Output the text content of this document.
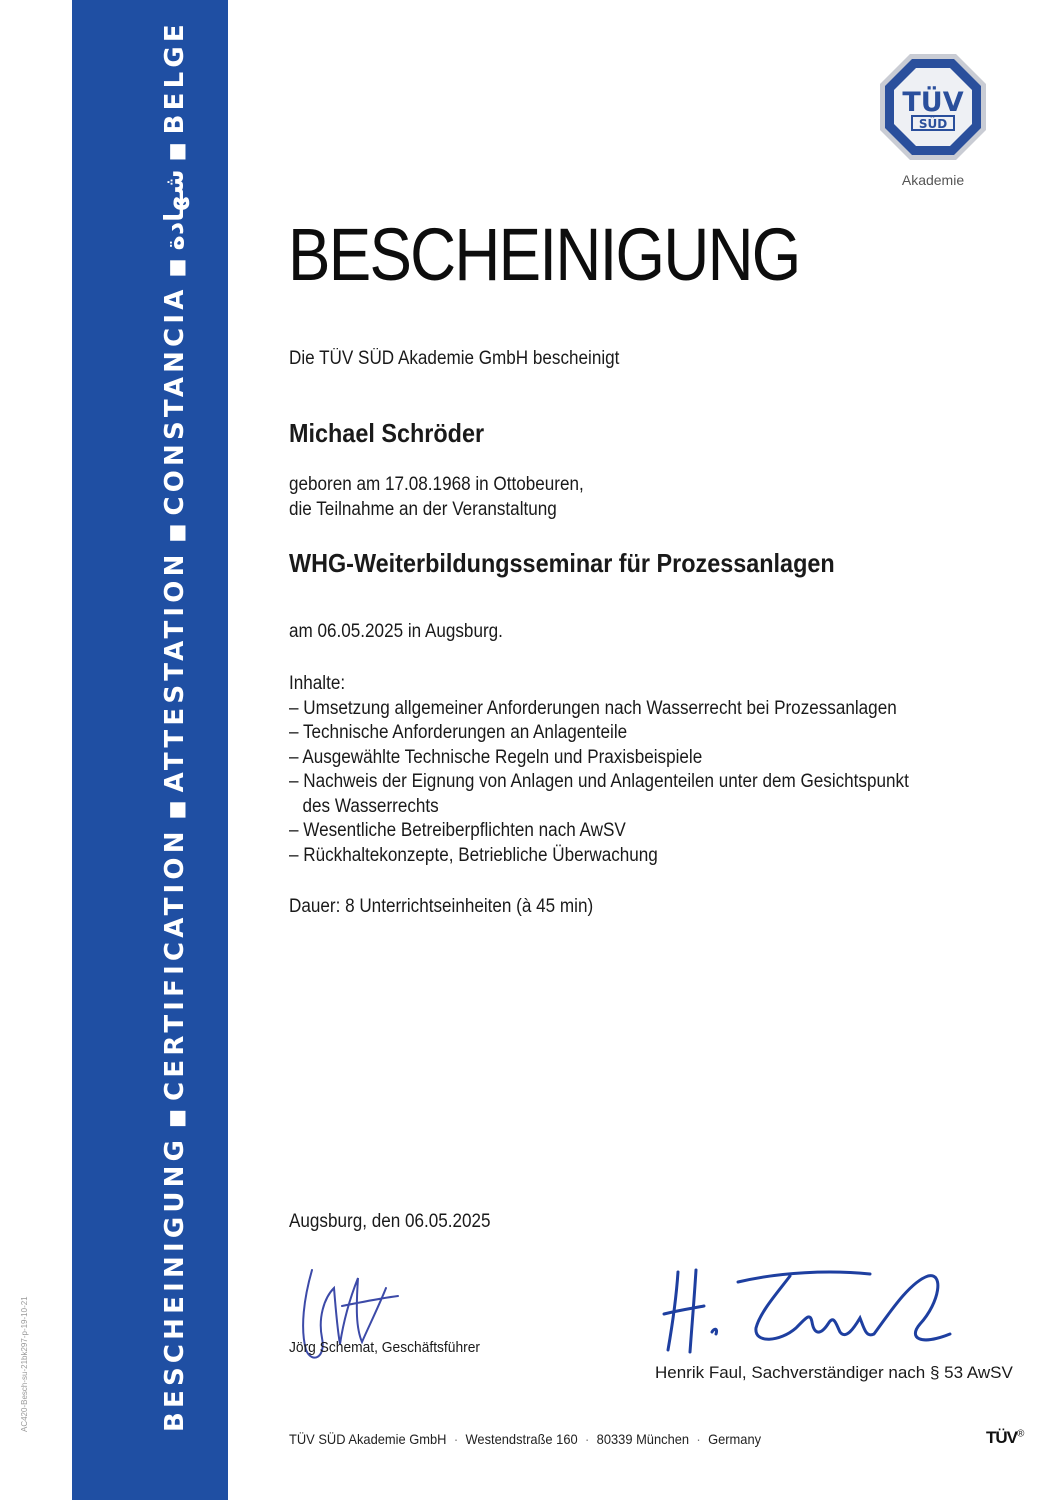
AC420-Besch-su-21bk297-p-19-10-21	BESCHEINIGUNG■CERTIFICATION■ATTESTATION■CONSTANCIA■شهادة■BELGE	TÜV
SÜD
Akademie
BESCHEINIGUNG
Die TÜV SÜD Akademie GmbH bescheinigt
Michael Schröder
geboren am 17.08.1968 in Ottobeuren,
die Teilnahme an der Veranstaltung
WHG-Weiterbildungsseminar für Prozessanlagen
am 06.05.2025 in Augsburg.
Inhalte:
– Umsetzung allgemeiner Anforderungen nach Wasserrecht bei Prozessanlagen
– Technische Anforderungen an Anlagenteile
– Ausgewählte Technische Regeln und Praxisbeispiele
– Nachweis der Eignung von Anlagen und Anlagenteilen unter dem Gesichtspunkt
des Wasserrechts
– Wesentliche Betreiberpflichten nach AwSV
– Rückhaltekonzepte, Betriebliche Überwachung
Dauer: 8 Unterrichtseinheiten (à 45 min)
Augsburg, den 06.05.2025
Jörg Schemat, Geschäftsführer
Henrik Faul, Sachverständiger nach § 53 AwSV
TÜV SÜD Akademie GmbH · Westendstraße 160 · 80339 München · Germany	TÜV®
